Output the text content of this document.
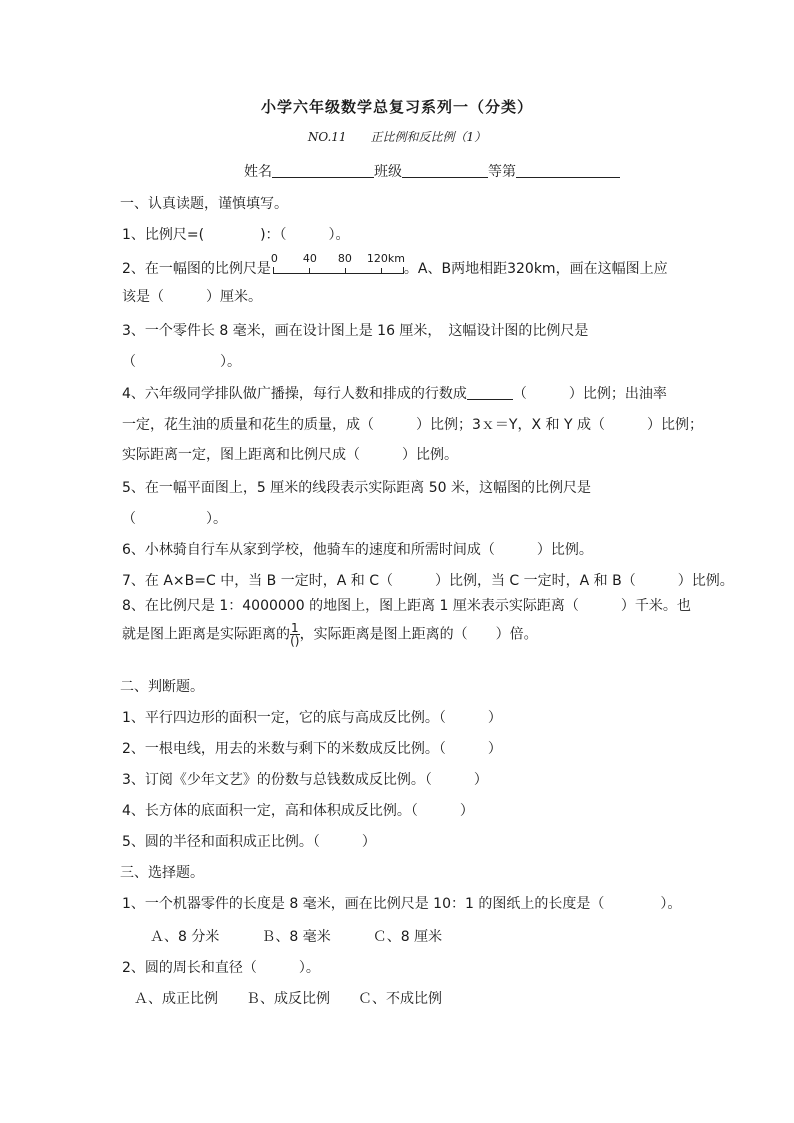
小学六年级数学总复习系列一（分类）
NO.11　　正比例和反比例（1）
姓名	班级	等第
一、认真读题，谨慎填写。
1、比例尺=(　　　　)：（　　　）。
2、在一幅图的比例尺是
0 40 80 120km
。A、B两地相距320km，画在这幅图上应
该是（　　　）厘米。
3、一个零件长 8 毫米，画在设计图上是 16 厘米，　这幅设计图的比例尺是
（　　　　　　）。
4、六年级同学排队做广播操，每行人数和排成的行数成	（　　　）比例；出油率
一定，花生油的质量和花生的质量，成（　　　）比例；3ｘ＝Y，X 和 Y 成（　　　）比例；
实际距离一定，图上距离和比例尺成（　　　）比例。
5、在一幅平面图上，5 厘米的线段表示实际距离 50 米，这幅图的比例尺是
（　　　　　）。
6、小林骑自行车从家到学校，他骑车的速度和所需时间成（　　　）比例。
7、在 A×B=C 中，当 B 一定时，A 和 C（　　　）比例，当 C 一定时，A 和 B（　　　）比例。
8、在比例尺是 1：4000000 的地图上，图上距离 1 厘米表示实际距离（　　　）千米。也
就是图上距离是实际距离的 $\frac{1}{()}$ ，实际距离是图上距离的（　　）倍。
二、判断题。
1、平行四边形的面积一定，它的底与高成反比例。（　　　）
2、一根电线，用去的米数与剩下的米数成反比例。（　　　）
3、订阅《少年文艺》的份数与总钱数成反比例。（　　　）
4、长方体的底面积一定，高和体积成反比例。（　　　）
5、圆的半径和面积成正比例。（　　　）
三、选择题。
1、一个机器零件的长度是 8 毫米，画在比例尺是 10：1 的图纸上的长度是（　　　　）。
Ａ、8 分米　　　Ｂ、8 毫米　　　Ｃ、8 厘米
2、圆的周长和直径（　　　）。
Ａ、成正比例　　Ｂ、成反比例　　Ｃ、不成比例
